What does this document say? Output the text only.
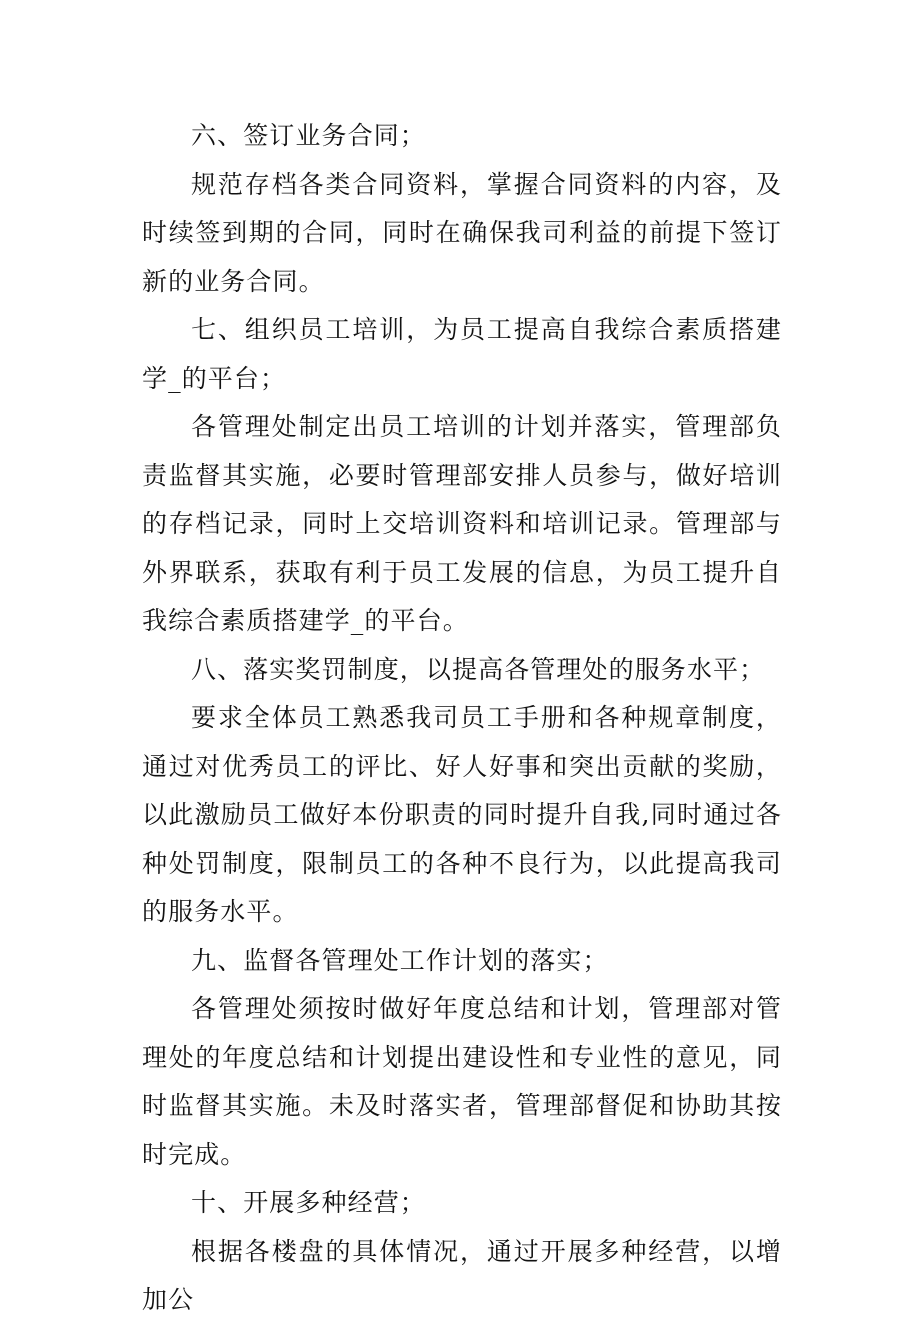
六、签订业务合同；

规范存档各类合同资料，掌握合同资料的内容，及时续签到期的合同，同时在确保我司利益的前提下签订新的业务合同。

七、组织员工培训，为员工提高自我综合素质搭建学_的平台；

各管理处制定出员工培训的计划并落实，管理部负责监督其实施，必要时管理部安排人员参与，做好培训的存档记录，同时上交培训资料和培训记录。管理部与外界联系，获取有利于员工发展的信息，为员工提升自我综合素质搭建学_的平台。

八、落实奖罚制度，以提高各管理处的服务水平；

要求全体员工熟悉我司员工手册和各种规章制度，通过对优秀员工的评比、好人好事和突出贡献的奖励，以此激励员工做好本份职责的同时提升自我,同时通过各种处罚制度，限制员工的各种不良行为，以此提高我司的服务水平。

九、监督各管理处工作计划的落实；

各管理处须按时做好年度总结和计划，管理部对管理处的年度总结和计划提出建设性和专业性的意见，同时监督其实施。未及时落实者，管理部督促和协助其按时完成。

十、开展多种经营；

根据各楼盘的具体情况，通过开展多种经营，以增加公
